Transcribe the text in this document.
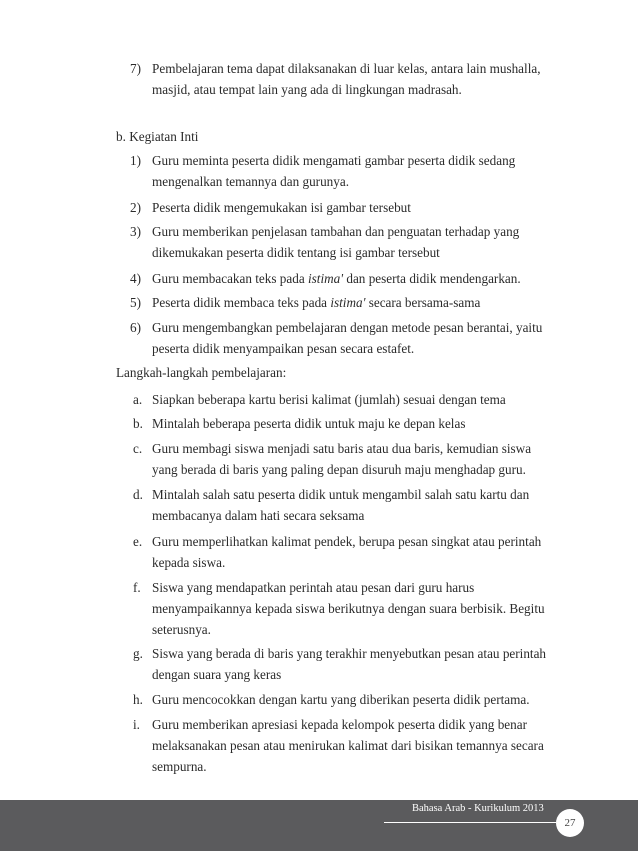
7) Pembelajaran tema dapat dilaksanakan di luar kelas, antara lain mushalla,
masjid, atau tempat lain yang ada di lingkungan madrasah.
b. Kegiatan Inti
1) Guru meminta peserta didik mengamati gambar peserta didik sedang
mengenalkan temannya dan gurunya.
2) Peserta didik mengemukakan isi gambar tersebut
3) Guru memberikan penjelasan tambahan dan penguatan terhadap yang
dikemukakan peserta didik tentang isi gambar tersebut
4) Guru membacakan teks pada istima' dan peserta didik mendengarkan.
5) Peserta didik membaca teks pada istima' secara bersama-sama
6) Guru mengembangkan pembelajaran dengan metode pesan berantai, yaitu
peserta didik menyampaikan pesan secara estafet.
Langkah-langkah pembelajaran:
a. Siapkan beberapa kartu berisi kalimat (jumlah) sesuai dengan tema
b. Mintalah beberapa peserta didik untuk maju ke depan kelas
c. Guru membagi siswa menjadi satu baris atau dua baris, kemudian siswa
yang berada di baris yang paling depan disuruh maju menghadap guru.
d. Mintalah salah satu peserta didik untuk mengambil salah satu kartu dan
membacanya dalam hati secara seksama
e. Guru memperlihatkan kalimat pendek, berupa pesan singkat atau perintah
kepada siswa.
f. Siswa yang mendapatkan perintah atau pesan dari guru harus
menyampaikannya kepada siswa berikutnya dengan suara berbisik. Begitu
seterusnya.
g. Siswa yang berada di baris yang terakhir menyebutkan pesan atau perintah
dengan suara yang keras
h. Guru mencocokkan dengan kartu yang diberikan peserta didik pertama.
i. Guru memberikan apresiasi kepada kelompok peserta didik yang benar
melaksanakan pesan atau menirukan kalimat dari bisikan temannya secara
sempurna.
Bahasa Arab - Kurikulum 2013
27
